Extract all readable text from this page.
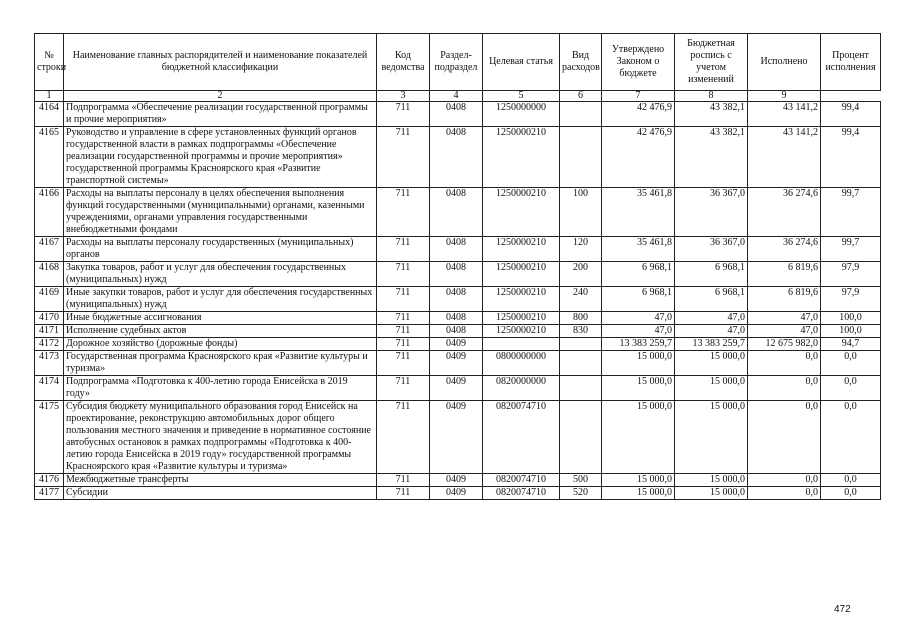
№ строки	Наименование главных распорядителей и наименование показателей бюджетной классификации	Код ведомства	Раздел-подраздел	Целевая статья	Вид расходов	Утверждено Законом о бюджете	Бюджетная роспись с учетом изменений	Исполнено	Процент исполнения
1	2	3	4	5	6	7	8	9	
4164	Подпрограмма «Обеспечение реализации государственной программы и прочие мероприятия»	711	0408	1250000000		42 476,9	43 382,1	43 141,2	99,4
4165	Руководство и управление в сфере установленных функций органов государственной власти в рамках подпрограммы «Обеспечение реализации государственной программы и прочие мероприятия» государственной программы Красноярского края «Развитие транспортной системы»	711	0408	1250000210		42 476,9	43 382,1	43 141,2	99,4
4166	Расходы на выплаты персоналу в целях обеспечения выполнения функций государственными (муниципальными) органами, казенными учреждениями, органами управления государственными внебюджетными фондами	711	0408	1250000210	100	35 461,8	36 367,0	36 274,6	99,7
4167	Расходы на выплаты персоналу государственных (муниципальных) органов	711	0408	1250000210	120	35 461,8	36 367,0	36 274,6	99,7
4168	Закупка товаров, работ и услуг для обеспечения государственных (муниципальных) нужд	711	0408	1250000210	200	6 968,1	6 968,1	6 819,6	97,9
4169	Иные закупки товаров, работ и услуг для обеспечения государственных (муниципальных) нужд	711	0408	1250000210	240	6 968,1	6 968,1	6 819,6	97,9
4170	Иные бюджетные ассигнования	711	0408	1250000210	800	47,0	47,0	47,0	100,0
4171	Исполнение судебных актов	711	0408	1250000210	830	47,0	47,0	47,0	100,0
4172	Дорожное хозяйство (дорожные фонды)	711	0409			13 383 259,7	13 383 259,7	12 675 982,0	94,7
4173	Государственная программа Красноярского края «Развитие культуры и туризма»	711	0409	0800000000		15 000,0	15 000,0	0,0	0,0
4174	Подпрограмма «Подготовка к 400-летию города Енисейска в 2019 году»	711	0409	0820000000		15 000,0	15 000,0	0,0	0,0
4175	Субсидия бюджету муниципального образования город Енисейск на проектирование, реконструкцию автомобильных дорог общего пользования местного значения и приведение в нормативное состояние автобусных остановок в рамках подпрограммы «Подготовка к 400-летию города Енисейска в 2019 году» государственной программы Красноярского края «Развитие культуры и туризма»	711	0409	0820074710		15 000,0	15 000,0	0,0	0,0
4176	Межбюджетные трансферты	711	0409	0820074710	500	15 000,0	15 000,0	0,0	0,0
4177	Субсидии	711	0409	0820074710	520	15 000,0	15 000,0	0,0	0,0
472
